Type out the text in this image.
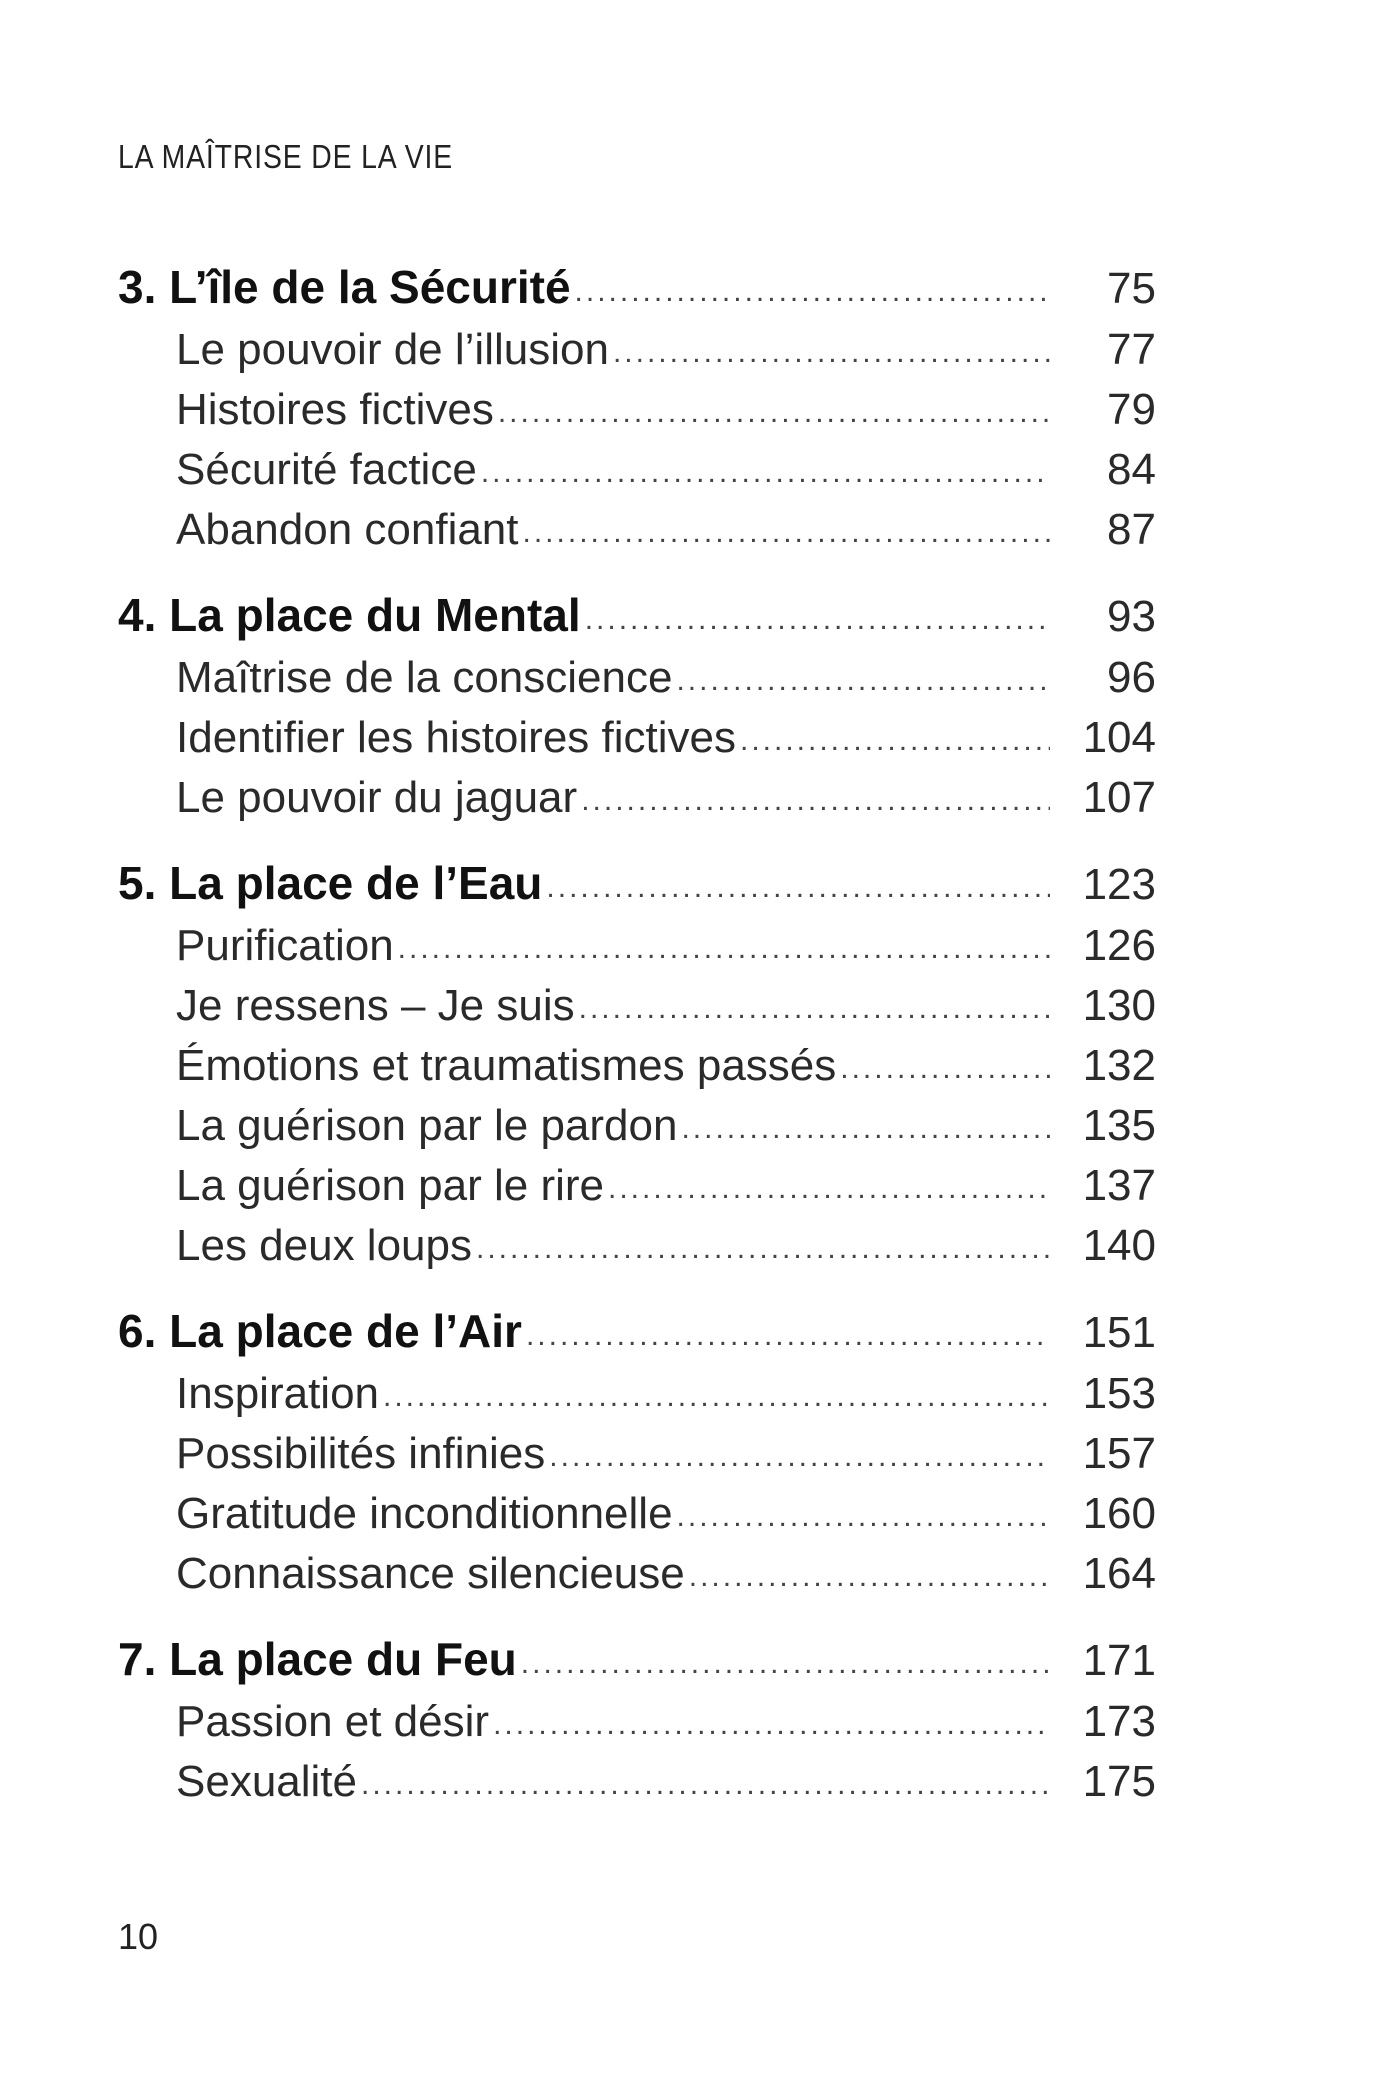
LA MAÎTRISE DE LA VIE
3. L’île de la Sécurité .....	75
Le pouvoir de l’illusion .....	77
Histoires fictives .....	79
Sécurité factice .....	84
Abandon confiant .....	87
4. La place du Mental .....	93
Maîtrise de la conscience .....	96
Identifier les histoires fictives .....	104
Le pouvoir du jaguar .....	107
5. La place de l’Eau .....	123
Purification .....	126
Je ressens – Je suis .....	130
Émotions et traumatismes passés .....	132
La guérison par le pardon .....	135
La guérison par le rire .....	137
Les deux loups .....	140
6. La place de l’Air .....	151
Inspiration .....	153
Possibilités infinies .....	157
Gratitude inconditionnelle .....	160
Connaissance silencieuse .....	164
7. La place du Feu .....	171
Passion et désir .....	173
Sexualité .....	175
10
